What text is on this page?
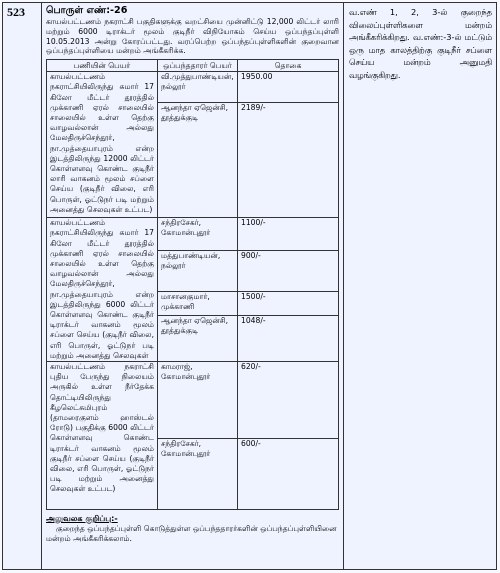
523	பொருள் எண்:-26
காயல்பட்டணம் நகராட்சி பகுதிகளுக்கு வறட்சியை முன்னிட்டு 12,000 லிட்டர் லாரி மற்றும் 6000 டிராக்டர் மூலம் குடிநீர் விநியோகம் செய்ய ஒப்பந்தப்புள்ளி 10.05.2013 அன்று கோரப்பட்டது. வரப்பெற்ற ஒப்பந்தப்புள்ளிகளின் குறைவான ஒப்பந்தப்புள்ளியை மன்றம் அங்கீகரிக்க.
பணியின் பெயர்	ஒப்பந்ததாரர் பெயர்	தொகை
காயல்பட்டணம் நகராட்சியிலிருந்து சுமார் 17 கிலோ மீட்டர் தூரத்தில் முக்காணி ஏரல் சாலையில் சாலையில் உள்ள தெற்கு வாழவல்லான் அல்லது மேலதிருச்செந்தூர், நா.முத்தையாபுரம் என்ற இடத்திலிருந்து 12000 லிட்டர் கொள்ளளவு கொண்ட குடிநீர் லாரி வாகனம் மூலம் சப்ளை செய்ய (குடிநீர் விலை, எரி பொருள், ஓட்டுநர் படி மற்றும் அனைத்து செலவுகள் உட்பட)	வி.முத்துபாண்டியன், நல்லூர்	1950.00
	ஆனந்தா ஏஜென்சி, தூத்துக்குடி	2189/-
காயல்பட்டணம் நகராட்சியிலிருந்து சுமார் 17 கிலோ மீட்டர் தூரத்தில் முக்காணி ஏரல் சாலையில் சாலையில் உள்ள தெற்கு வாழவல்லான் அல்லது மேலதிருச்செந்தூர், நா.முத்தையாபுரம் என்ற இடத்திலிருந்து 6000 லிட்டர் கொள்ளளவு கொண்ட குடிநீர் டிராக்டர் வாகனம் மூலம் சப்ளை செய்ய (குடிநீர் விலை, எரி பொருள், ஓட்டுநர் படி மற்றும் அனைத்து செலவுகள்	சந்திரசேகர், கோமான்புதூர்	1100/-
	மத்துபாண்டியன், நல்லூர்	900/-
	மாசானகுமார், முக்காணி	1500/-
	ஆனந்தா ஏஜென்சி, தூத்துக்குடி	1048/-
காயல்பட்டணம் நகராட்சி புதிய பேருந்து நிலையம் அருகில் உள்ள நீர்தேக்க தொட்டியிலிருந்து கீழலெட்சுமிபுரம் (தாமரைகுளம் ஹாஸ்டல் ரோடு) பகுதிக்கு 6000 லிட்டர் கொள்ளளவு கொண்ட டிராக்டர் வாகனம் மூலம் குடிநீர் சப்ளை செய்ய (குடிநீர் விலை, எரி பொருள், ஓட்டுநர் படி மற்றும் அனைத்து செலவுகள் உட்பட)	காமராஜ், கோமான்புதூர்	620/-
	சந்திரசேகர், கோமான்புதூர்	600/-
அலுவலக குறிப்பு:-
குறைந்த ஒப்பந்தப்புள்ளி கொடுத்துள்ள ஒப்பந்ததாரர்களின் ஒப்பந்தப்புள்ளியினை மன்றம் அங்கீகரிக்கலாம்.
வ.எண் 1, 2, 3-ல் குறைந்த விலைப்புள்ளிகளை மன்றம் அங்கீகரிக்கிறது. வ.எண்:-3-ல் மட்டும் ஒரு மாத காலத்திற்கு குடிநீர் சப்ளை செய்ய மன்றம் அனுமதி வழங்குகிறது.
